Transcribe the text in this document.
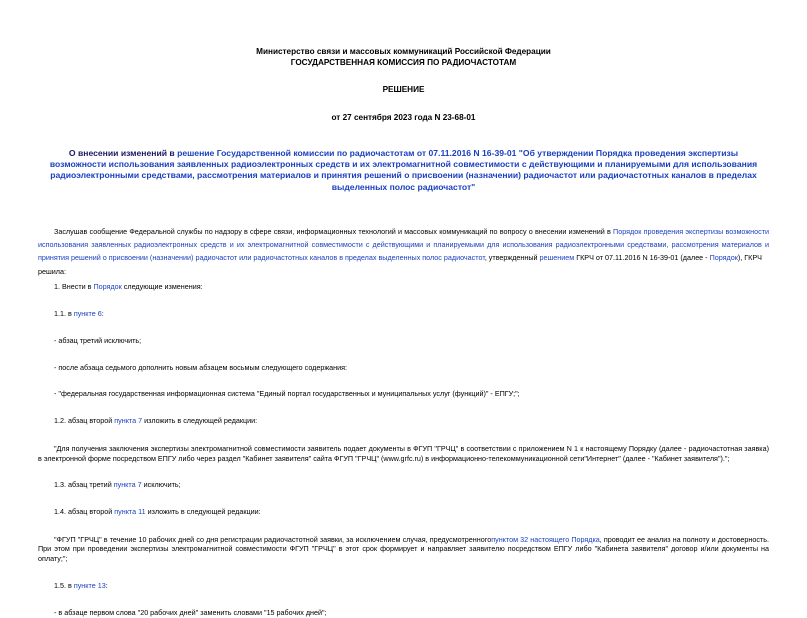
Министерство связи и массовых коммуникаций Российской Федерации
ГОСУДАРСТВЕННАЯ КОМИССИЯ ПО РАДИОЧАСТОТАМ
РЕШЕНИЕ
от 27 сентября 2023 года N 23-68-01
О внесении изменений в решение Государственной комиссии по радиочастотам от 07.11.2016 N 16-39-01 "Об утверждении Порядка проведения экспертизы возможности использования заявленных радиоэлектронных средств и их электромагнитной совместимости с действующими и планируемыми для использования радиоэлектронными средствами, рассмотрения материалов и принятия решений о присвоении (назначении) радиочастот или радиочастотных каналов в пределах выделенных полос радиочастот"

Заслушав сообщение Федеральной службы по надзору в сфере связи, информационных технологий и массовых коммуникаций по вопросу о внесении изменений в Порядок проведения экспертизы возможности использования заявленных радиоэлектронных средств и их электромагнитной совместимости с действующими и планируемыми для использования радиоэлектронными средствами, рассмотрения материалов и принятия решений о присвоении (назначении) радиочастот или радиочастотных каналов в пределах выделенных полос радиочастот, утвержденный решением ГКРЧ от 07.11.2016 N 16-39-01 (далее - Порядок), ГКРЧ

решила:

1. Внести в Порядок следующие изменения:

1.1. в пункте 6:

- абзац третий исключить;

- после абзаца седьмого дополнить новым абзацем восьмым следующего содержания:

- "федеральная государственная информационная система "Единый портал государственных и муниципальных услуг (функций)" - ЕПГУ;";

1.2. абзац второй пункта 7 изложить в следующей редакции:

"Для получения заключения экспертизы электромагнитной совместимости заявитель подает документы в ФГУП "ГРЧЦ" в соответствии с приложением N 1 к настоящему Порядку (далее - радиочастотная заявка) в электронной форме посредством ЕПГУ либо через раздел "Кабинет заявителя" сайта ФГУП "ГРЧЦ" (www.grfc.ru) в информационно-телекоммуникационной сети"Интернет" (далее - "Кабинет заявителя").";

1.3. абзац третий пункта 7 исключить;

1.4. абзац второй пункта 11 изложить в следующей редакции:

"ФГУП "ГРЧЦ" в течение 10 рабочих дней со дня регистрации радиочастотной заявки, за исключением случая, предусмотренногопунктом 32 настоящего Порядка, проводит ее анализ на полноту и достоверность. При этом при проведении экспертизы электромагнитной совместимости ФГУП "ГРЧЦ" в этот срок формирует и направляет заявителю посредством ЕПГУ либо "Кабинета заявителя" договор и/или документы на оплату;";

1.5. в пункте 13:

- в абзаце первом слова "20 рабочих дней" заменить словами "15 рабочих дней";
